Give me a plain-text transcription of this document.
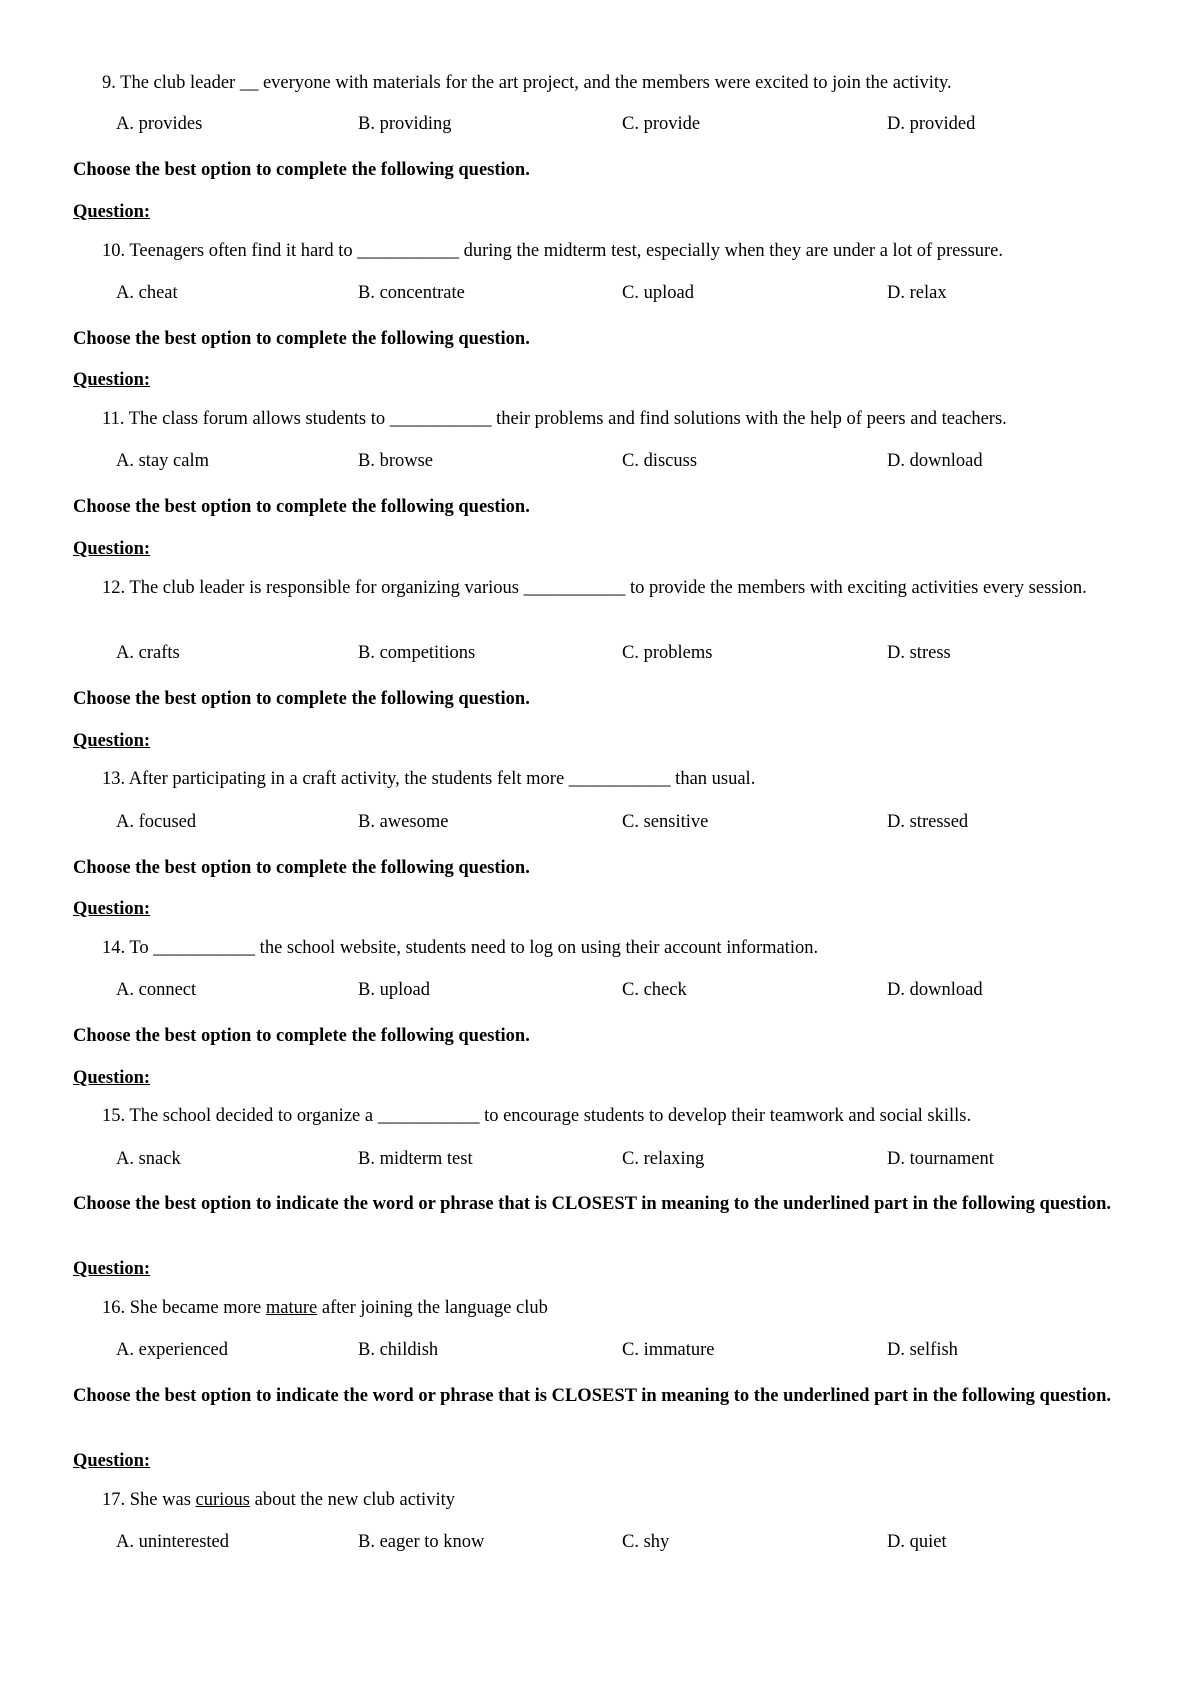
9. The club leader __ everyone with materials for the art project, and the members were excited to join the activity.

A. provides	B. providing	C. provide	D. provided

Choose the best option to complete the following question.

Question:

10. Teenagers often find it hard to ___________ during the midterm test, especially when they are under a lot of pressure.

A. cheat	B. concentrate	C. upload	D. relax

Choose the best option to complete the following question.

Question:

11. The class forum allows students to ___________ their problems and find solutions with the help of peers and teachers.

A. stay calm	B. browse	C. discuss	D. download

Choose the best option to complete the following question.

Question:

12. The club leader is responsible for organizing various ___________ to provide the members with exciting activities every session.

A. crafts	B. competitions	C. problems	D. stress

Choose the best option to complete the following question.

Question:

13. After participating in a craft activity, the students felt more ___________ than usual.

A. focused	B. awesome	C. sensitive	D. stressed

Choose the best option to complete the following question.

Question:

14. To ___________ the school website, students need to log on using their account information.

A. connect	B. upload	C. check	D. download

Choose the best option to complete the following question.

Question:

15. The school decided to organize a ___________ to encourage students to develop their teamwork and social skills.

A. snack	B. midterm test	C. relaxing	D. tournament

Choose the best option to indicate the word or phrase that is CLOSEST in meaning to the underlined part in the following question.

Question:

16. She became more mature after joining the language club

A. experienced	B. childish	C. immature	D. selfish

Choose the best option to indicate the word or phrase that is CLOSEST in meaning to the underlined part in the following question.

Question:

17. She was curious about the new club activity

A. uninterested	B. eager to know	C. shy	D. quiet
